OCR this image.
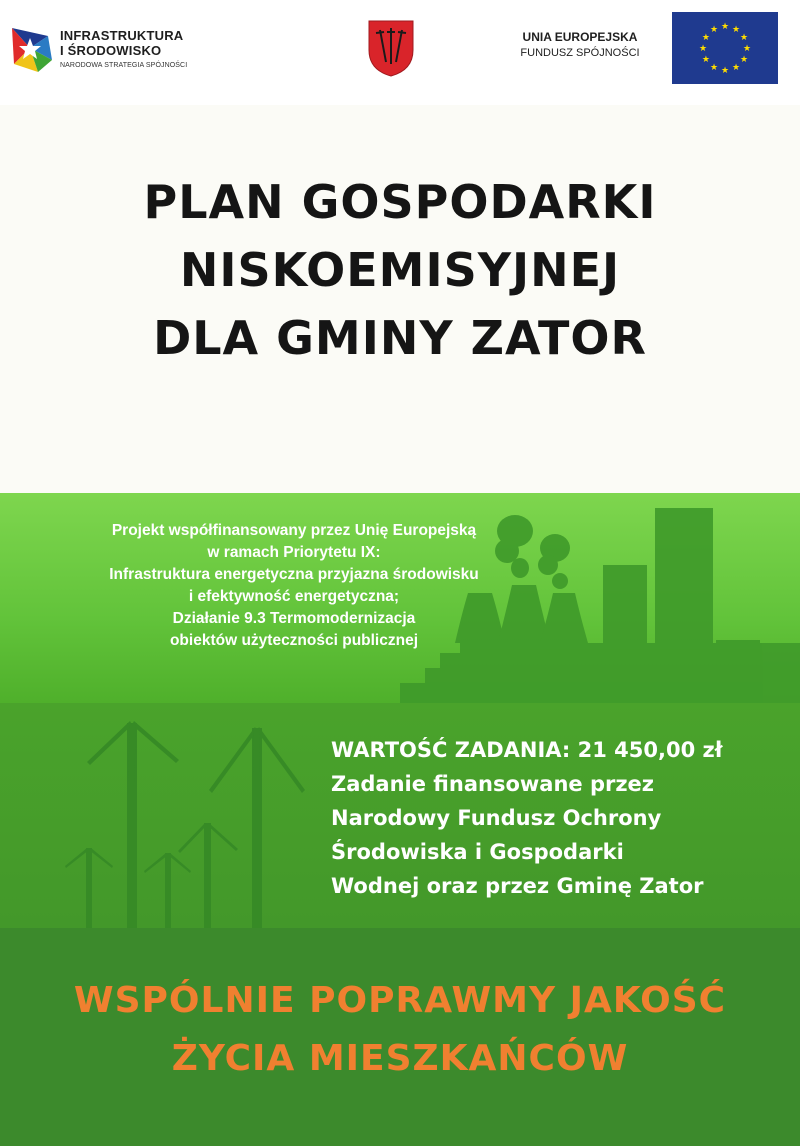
INFRASTRUKTURA
I ŚRODOWISKO
NARODOWA STRATEGIA SPÓJNOŚCI
UNIA EUROPEJSKA
FUNDUSZ SPÓJNOŚCI	★
★
★
★
★
★
★
★
★ ★ ★
★
PLAN GOSPODARKI
NISKOEMISYJNEJ
DLA GMINY ZATOR
Projekt współfinansowany przez Unię Europejską
w ramach Priorytetu IX:
Infrastruktura energetyczna przyjazna środowisku
i efektywność energetyczna;
Działanie 9.3 Termomodernizacja
obiektów użyteczności publicznej
WARTOŚĆ ZADANIA: 21 450,00 zł
Zadanie finansowane przez
Narodowy Fundusz Ochrony
Środowiska i Gospodarki
Wodnej oraz przez Gminę Zator
WSPÓLNIE POPRAWMY JAKOŚĆ
ŻYCIA MIESZKAŃCÓW
